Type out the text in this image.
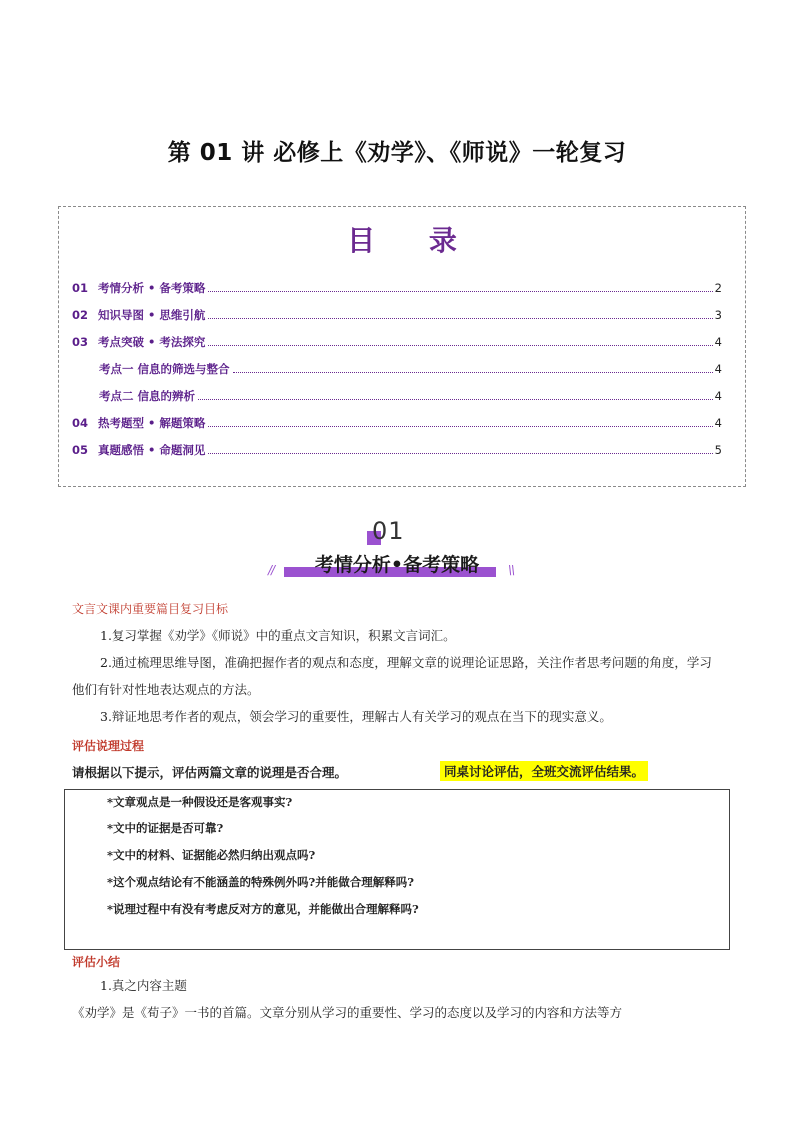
第 01 讲 必修上《劝学》、《师说》一轮复习
目 录
01 考情分析 • 备考策略	2
02 知识导图 • 思维引航	3
03 考点突破 • 考法探究	4
考点一 信息的筛选与整合	4
考点二 信息的辨析	4
04 热考题型 • 解题策略	4
05 真题感悟 • 命题洞见	5
01
//	考情分析•备考策略	\\
文言文课内重要篇目复习目标
1.复习掌握《劝学》《师说》中的重点文言知识，积累文言词汇。
2.通过梳理思维导图，准确把握作者的观点和态度，理解文章的说理论证思路，关注作者思考问题的角度，学习他们有针对性地表达观点的方法。
3.辩证地思考作者的观点，领会学习的重要性，理解古人有关学习的观点在当下的现实意义。
评估说理过程
请根据以下提示，评估两篇文章的说理是否合理。	同桌讨论评估，全班交流评估结果。
*文章观点是一种假设还是客观事实?
*文中的证据是否可靠?
*文中的材料、证据能必然归纳出观点吗?
*这个观点结论有不能涵盖的特殊例外吗?并能做合理解释吗?
*说理过程中有没有考虑反对方的意见，并能做出合理解释吗?
评估小结
1.真之内容主题
《劝学》是《荀子》一书的首篇。文章分别从学习的重要性、学习的态度以及学习的内容和方法等方
